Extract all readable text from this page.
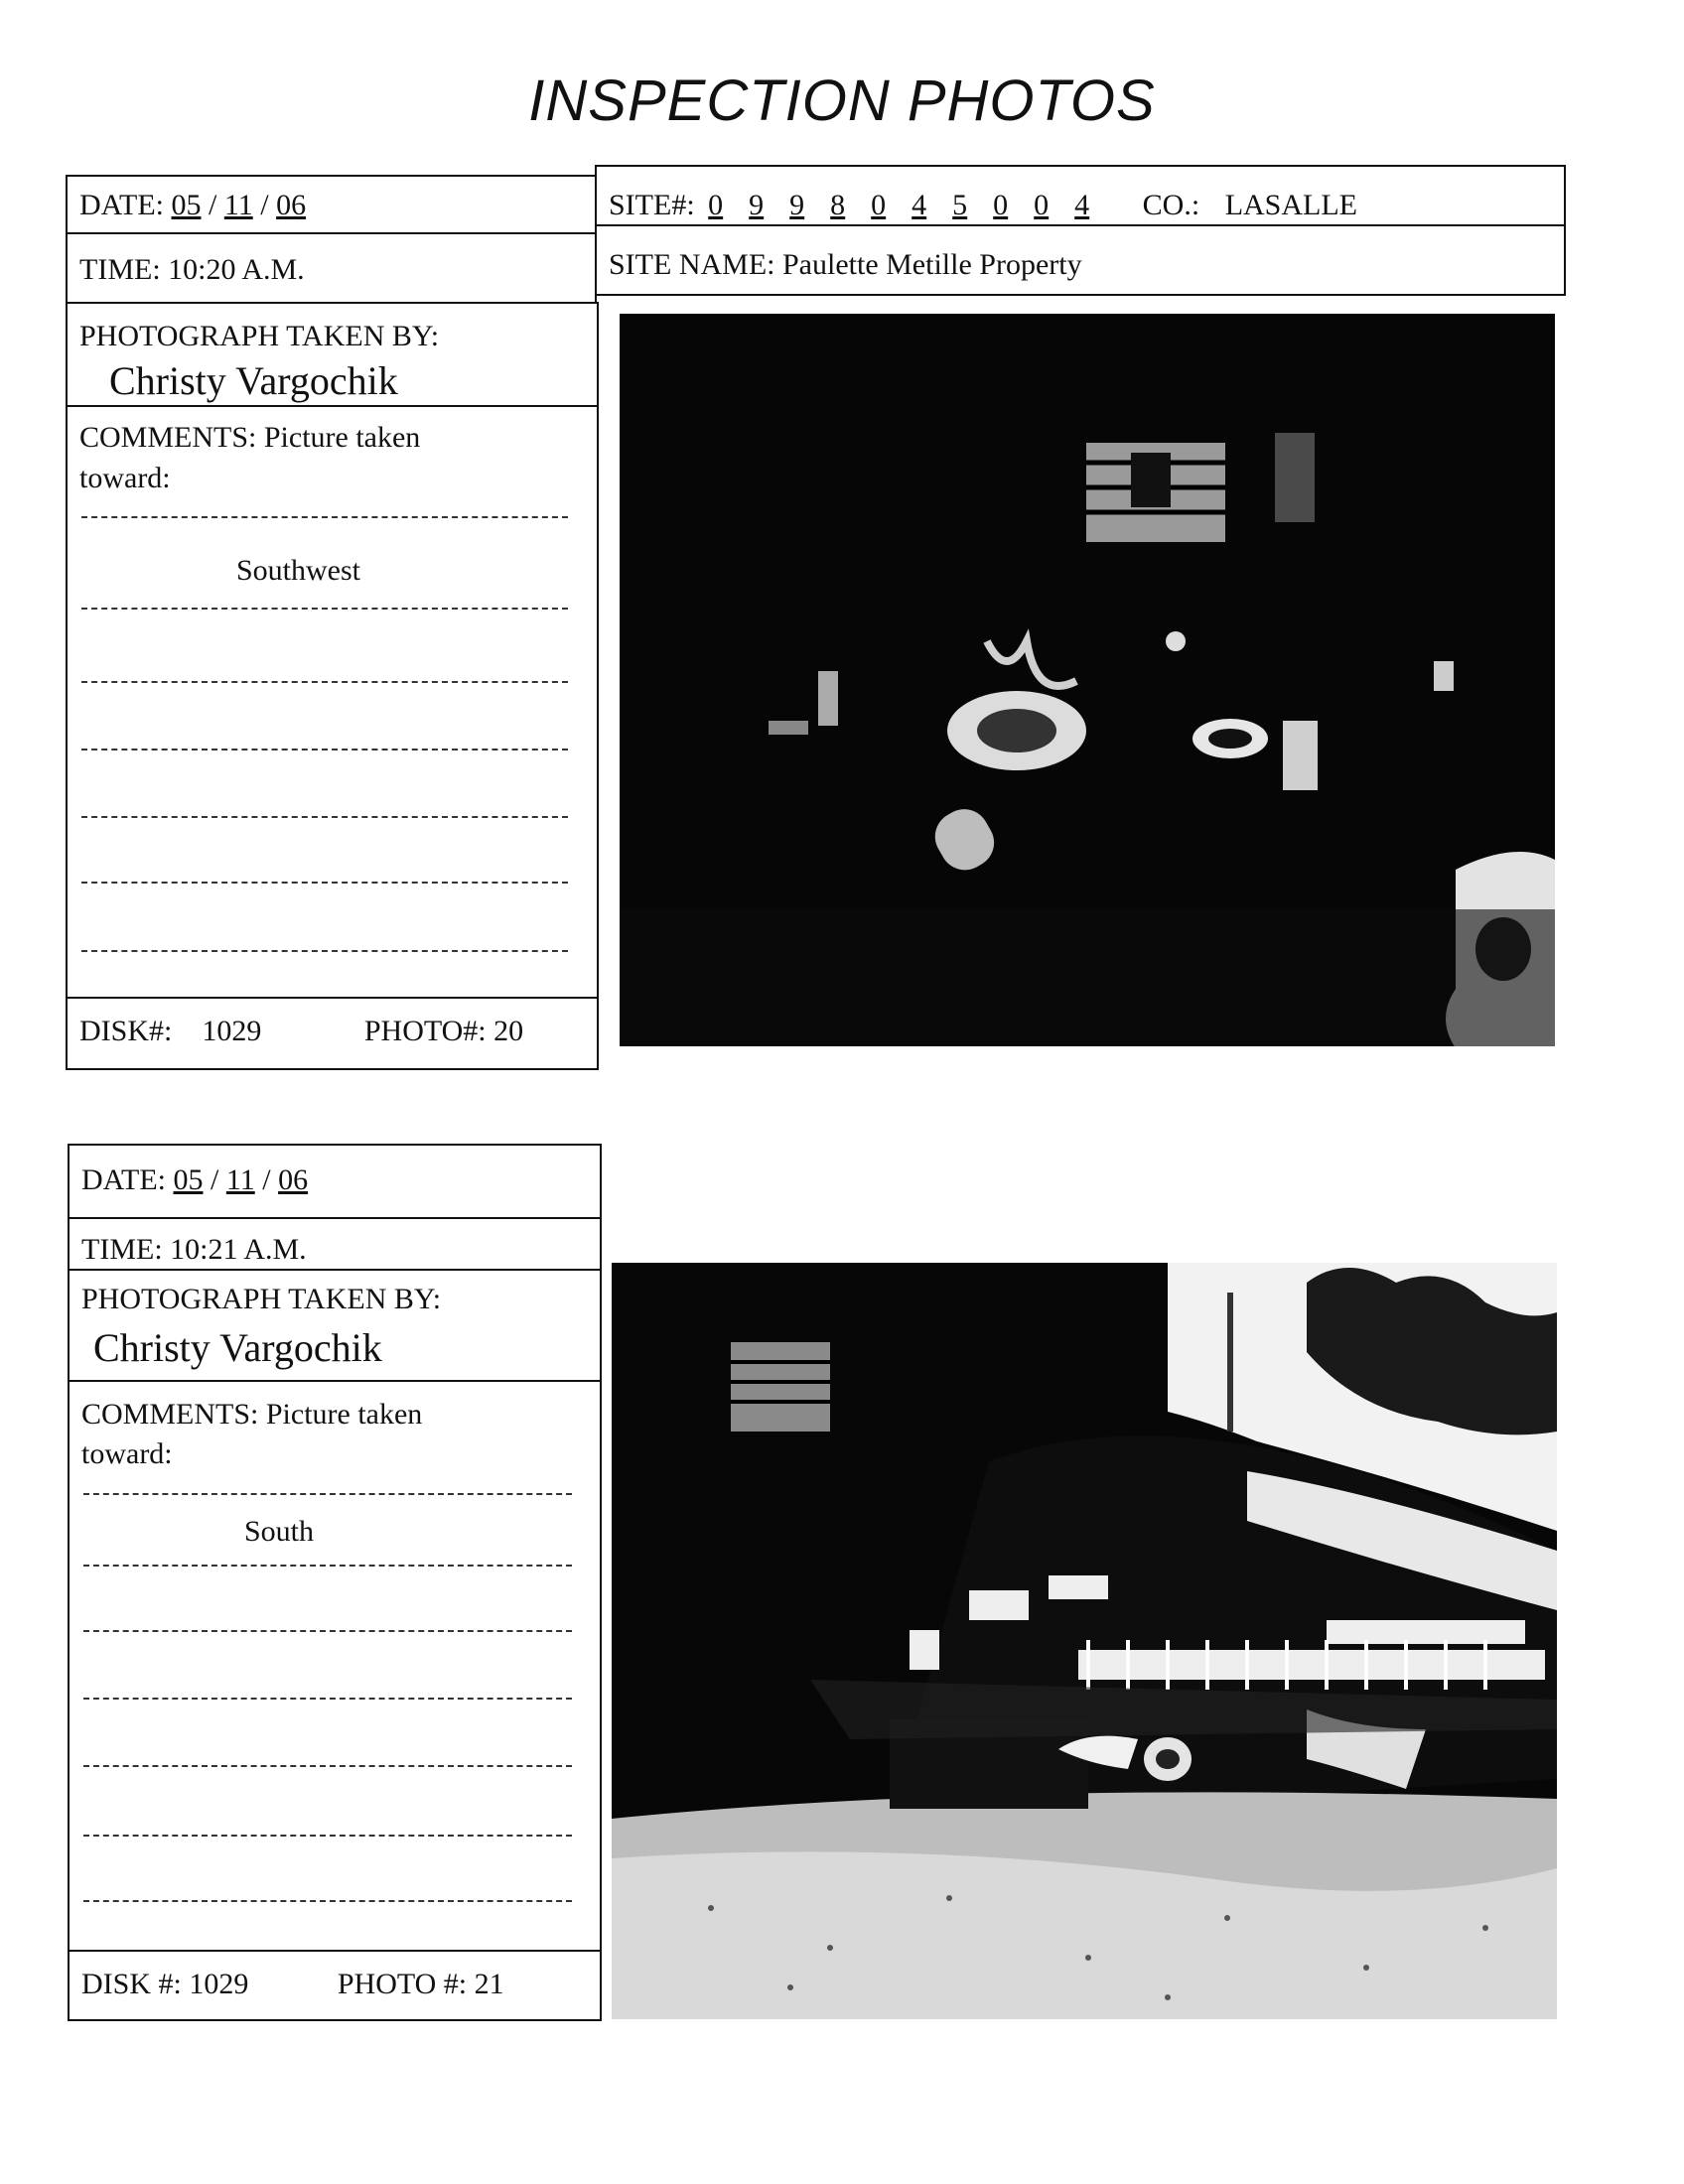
INSPECTION PHOTOS
DATE: 05 / 11 / 06
TIME: 10:20 A.M.
SITE#: 0 9 9 8 0 4 5 0 0 4 CO.: LASALLE
SITE NAME: Paulette Metille Property
PHOTOGRAPH TAKEN BY:
Christy Vargochik
COMMENTS: Picture taken
toward:
Southwest
DISK#: 1029	PHOTO#: 20
DATE: 05 / 11 / 06
TIME: 10:21 A.M.
PHOTOGRAPH TAKEN BY:
Christy Vargochik
COMMENTS: Picture taken
toward:
South
DISK #: 1029	PHOTO #: 21
